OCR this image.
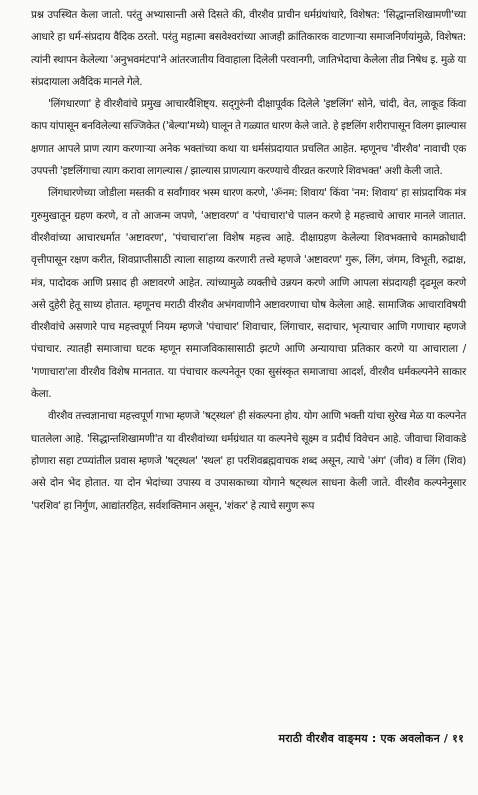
प्रश्न उपस्थित केला जातो. परंतु अभ्यासान्ती असे दिसते की, वीरशैव प्राचीन धर्मग्रंथांधारे, विशेषत: 'सिद्धान्तशिखामणी'च्या आधारे हा धर्म-संप्रदाय वैदिक ठरतो. परंतु महात्मा बसवेश्वरांच्या आजही क्रांतिकारक वाटणाऱ्या समाजनिर्णयांमुळे, विशेषत: त्यांनी स्थापन केलेल्या 'अनुभवमंटपा'ने आंतरजातीय विवाहाला दिलेली परवानगी, जातिभेदाचा केलेला तीव्र निषेध इ. मुळे या संप्रदायाला अवैदिक मानले गेले.

'लिंगधारणा' हे वीरशैवांचे प्रमुख आचारवैशिष्ट्य. सद्‌गुरुंनी दीक्षापूर्वक दिलेले 'इष्टलिंग' सोने, चांदी, वेत, लाकूड किंवा काप यांपासून बनविलेल्या सज्जिकेत ('बेल्या'मध्ये) घालून ते गळ्यात धारण केले जाते. हे इष्टलिंग शरीरापासून विलग झाल्यास क्षणात आपले प्राण त्याग करणाऱ्या अनेक भक्तांच्या कथा या धर्मसंप्रदायात प्रचलित आहेत. म्हणूनच 'वीरशैव' नावाची एक उपपत्ती 'इष्टलिंगाचा त्याग करावा लागल्यास / झाल्यास प्राणत्याग करण्याचे वीरव्रत करणारे शिवभक्त' अशी केली जाते.

लिंगधारणेच्या जोडीला मस्तकी व सर्वांगावर भस्म धारण करणे, 'ॐनम: शिवाय' किंवा 'नम: शिवाय' हा सांप्रदायिक मंत्र गुरुमुखातून ग्रहण करणे, व तो आजन्म जपणे, 'अष्टावरण' व 'पंचाचारा'चे पालन करणे हे महत्त्वाचे आचार मानले जातात. वीरशैवांच्या आचारधर्मात 'अष्टावरण', 'पंचाचारा'ला विशेष महत्त्व आहे. दीक्षाग्रहण केलेल्या शिवभक्ताचे कामक्रोधादी वृत्तीपासून रक्षण करीत, शिवप्राप्तीसाठी त्याला साहाय्य करणारी तत्त्वे म्हणजे 'अष्टावरण' गुरू, लिंग, जंगम, विभूती, रुद्राक्ष, मंत्र, पादोदक आणि प्रसाद ही अष्टावरणे आहेत. त्यांच्यामुळे व्यक्तीचे उन्नयन करणे आणि आपला संप्रदायही दृढमूल करणे असे दुहेरी हेतू साध्य होतात. म्हणूनच मराठी वीरशैव अभंगवाणीने अष्टावरणाचा घोष केलेला आहे. सामाजिक आचाराविषयी वीरशैवांचे असणारे पाच महत्त्वपूर्ण नियम म्हणजे 'पंचाचार' शिवाचार, लिंगाचार, सदाचार, भृत्याचार आणि गणाचार म्हणजे पंचाचार. त्यातही समाजाचा घटक म्हणून समाजविकासासाठी झटणे आणि अन्यायाचा प्रतिकार करणे या आचाराला / 'गणाचारा'ला वीरशैव विशेष मानतात. या पंचाचार कल्पनेतून एका सुसंस्कृत समाजाचा आदर्श, वीरशैव धर्मकल्पनेने साकार केला.

वीरशैव तत्त्वज्ञानाचा महत्त्वपूर्ण गाभा म्हणजे 'षट्स्थल' ही संकल्पना होय. योग आणि भक्ती यांचा सुरेख मेळ या कल्पनेत घातलेला आहे. 'सिद्धान्तशिखामणी'त या वीरशैवांच्या धर्मग्रंथात या कल्पनेचे सूक्ष्म व प्रदीर्घ विवेचन आहे. जीवाचा शिवाकडे होणारा सहा टप्प्यांतील प्रवास म्हणजे 'षट्स्थल' 'स्थल' हा परशिवब्रह्मवाचक शब्द असून, त्याचे 'अंग' (जीव) व लिंग (शिव) असे दोन भेद होतात. या दोन भेदांच्या उपास्य व उपासकाच्या योगाने षट्स्थल साधना केली जाते. वीरशैव कल्पनेनुसार 'परशिव' हा निर्गुण, आद्यांतरहित, सर्वशक्तिमान असून, 'शंकर' हे त्याचे सगुण रूप

मराठी वीरशैव वाङ्‌मय : एक अवलोकन / ११
